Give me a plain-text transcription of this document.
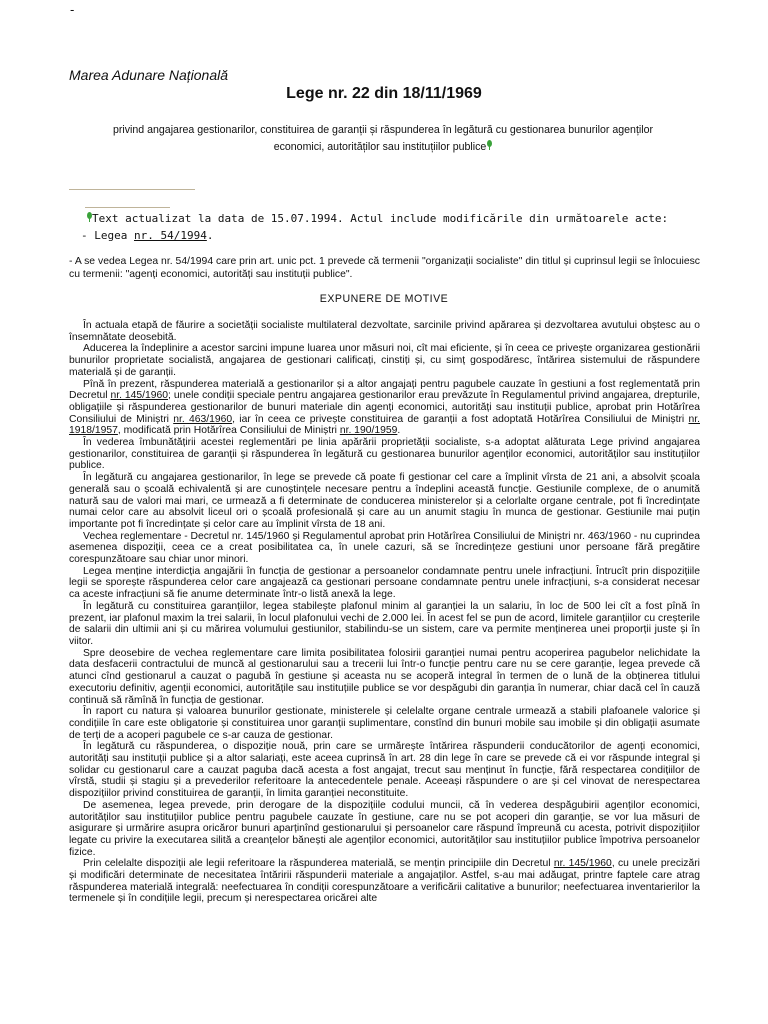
-
Marea Adunare Națională
Lege nr. 22 din 18/11/1969
privind angajarea gestionarilor, constituirea de garanții și răspunderea în legătură cu gestionarea bunurilor agenților economici, autorităților sau instituțiilor publice
Text actualizat la data de 15.07.1994. Actul include modificările din următoarele acte:
- Legea nr. 54/1994.
- A se vedea Legea nr. 54/1994 care prin art. unic pct. 1 prevede că termenii "organizații socialiste" din titlul și cuprinsul legii se înlocuiesc cu termenii: "agenți economici, autorități sau instituții publice".
EXPUNERE DE MOTIVE

În actuala etapă de făurire a societății socialiste multilateral dezvoltate, sarcinile privind apărarea și dezvoltarea avutului obștesc au o însemnătate deosebită.

Aducerea la îndeplinire a acestor sarcini impune luarea unor măsuri noi, cît mai eficiente, și în ceea ce privește organizarea gestionării bunurilor proprietate socialistă, angajarea de gestionari calificați, cinstiți și, cu simț gospodăresc, întărirea sistemului de răspundere materială și de garanții.

Pînă în prezent, răspunderea materială a gestionarilor și a altor angajați pentru pagubele cauzate în gestiuni a fost reglementată prin Decretul nr. 145/1960; unele condiții speciale pentru angajarea gestionarilor erau prevăzute în Regulamentul privind angajarea, drepturile, obligațiile și răspunderea gestionarilor de bunuri materiale din agenți economici, autorități sau instituții publice, aprobat prin Hotărîrea Consiliului de Miniștri nr. 463/1960, iar în ceea ce privește constituirea de garanții a fost adoptată Hotărîrea Consiliului de Miniștri nr. 1918/1957, modificată prin Hotărîrea Consiliului de Miniștri nr. 190/1959.

În vederea îmbunătățirii acestei reglementări pe linia apărării proprietății socialiste, s-a adoptat alăturata Lege privind angajarea gestionarilor, constituirea de garanții și răspunderea în legătură cu gestionarea bunurilor agenților economici, autorităților sau instituțiilor publice.

În legătură cu angajarea gestionarilor, în lege se prevede că poate fi gestionar cel care a împlinit vîrsta de 21 ani, a absolvit școala generală sau o școală echivalentă și are cunoștințele necesare pentru a îndeplini această funcție. Gestiunile complexe, de o anumită natură sau de valori mai mari, ce urmează a fi determinate de conducerea ministerelor și a celorlalte organe centrale, pot fi încredințate numai celor care au absolvit liceul ori o școală profesională și care au un anumit stagiu în munca de gestionar. Gestiunile mai puțin importante pot fi încredințate și celor care au împlinit vîrsta de 18 ani.

Vechea reglementare - Decretul nr. 145/1960 și Regulamentul aprobat prin Hotărîrea Consiliului de Miniștri nr. 463/1960 - nu cuprindea asemenea dispoziții, ceea ce a creat posibilitatea ca, în unele cazuri, să se încredințeze gestiuni unor persoane fără pregătire corespunzătoare sau chiar unor minori.

Legea menține interdicția angajării în funcția de gestionar a persoanelor condamnate pentru unele infracțiuni. Întrucît prin dispozițiile legii se sporește răspunderea celor care angajează ca gestionari persoane condamnate pentru unele infracțiuni, s-a considerat necesar ca aceste infracțiuni să fie anume determinate într-o listă anexă la lege.

În legătură cu constituirea garanțiilor, legea stabilește plafonul minim al garanției la un salariu, în loc de 500 lei cît a fost pînă în prezent, iar plafonul maxim la trei salarii, în locul plafonului vechi de 2.000 lei. În acest fel se pun de acord, limitele garanțiilor cu creșterile de salarii din ultimii ani și cu mărirea volumului gestiunilor, stabilindu-se un sistem, care va permite menținerea unei proporții juste și în viitor.

Spre deosebire de vechea reglementare care limita posibilitatea folosirii garanției numai pentru acoperirea pagubelor nelichidate la data desfacerii contractului de muncă al gestionarului sau a trecerii lui într-o funcție pentru care nu se cere garanție, legea prevede că atunci cînd gestionarul a cauzat o pagubă în gestiune și aceasta nu se acoperă integral în termen de o lună de la obținerea titlului executoriu definitiv, agenții economici, autoritățile sau instituțiile publice se vor despăgubi din garanția în numerar, chiar dacă cel în cauză continuă să rămînă în funcția de gestionar.

În raport cu natura și valoarea bunurilor gestionate, ministerele și celelalte organe centrale urmează a stabili plafoanele valorice și condițiile în care este obligatorie și constituirea unor garanții suplimentare, constînd din bunuri mobile sau imobile și din obligații asumate de terți de a acoperi pagubele ce s-ar cauza de gestionar.

În legătură cu răspunderea, o dispoziție nouă, prin care se urmărește întărirea răspunderii conducătorilor de agenți economici, autorități sau instituții publice și a altor salariați, este aceea cuprinsă în art. 28 din lege în care se prevede că ei vor răspunde integral și solidar cu gestionarul care a cauzat paguba dacă acesta a fost angajat, trecut sau menținut în funcție, fără respectarea condițiilor de vîrstă, studii și stagiu și a prevederilor referitoare la antecedentele penale. Aceeași răspundere o are și cel vinovat de nerespectarea dispozițiilor privind constituirea de garanții, în limita garanției neconstituite.

De asemenea, legea prevede, prin derogare de la dispozițiile codului muncii, că în vederea despăgubirii agenților economici, autorităților sau instituțiilor publice pentru pagubele cauzate în gestiune, care nu se pot acoperi din garanție, se vor lua măsuri de asigurare și urmărire asupra oricăror bunuri aparținînd gestionarului și persoanelor care răspund împreună cu acesta, potrivit dispozițiilor legate cu privire la executarea silită a creanțelor bănești ale agenților economici, autorităților sau instituțiilor publice împotriva persoanelor fizice.

Prin celelalte dispoziții ale legii referitoare la răspunderea materială, se mențin principiile din Decretul nr. 145/1960, cu unele precizări și modificări determinate de necesitatea întăririi răspunderii materiale a angajaților. Astfel, s-au mai adăugat, printre faptele care atrag răspunderea materială integrală: neefectuarea în condiții corespunzătoare a verificării calitative a bunurilor; neefectuarea inventarierilor la termenele și în condițiile legii, precum și nerespectarea oricărei alte
